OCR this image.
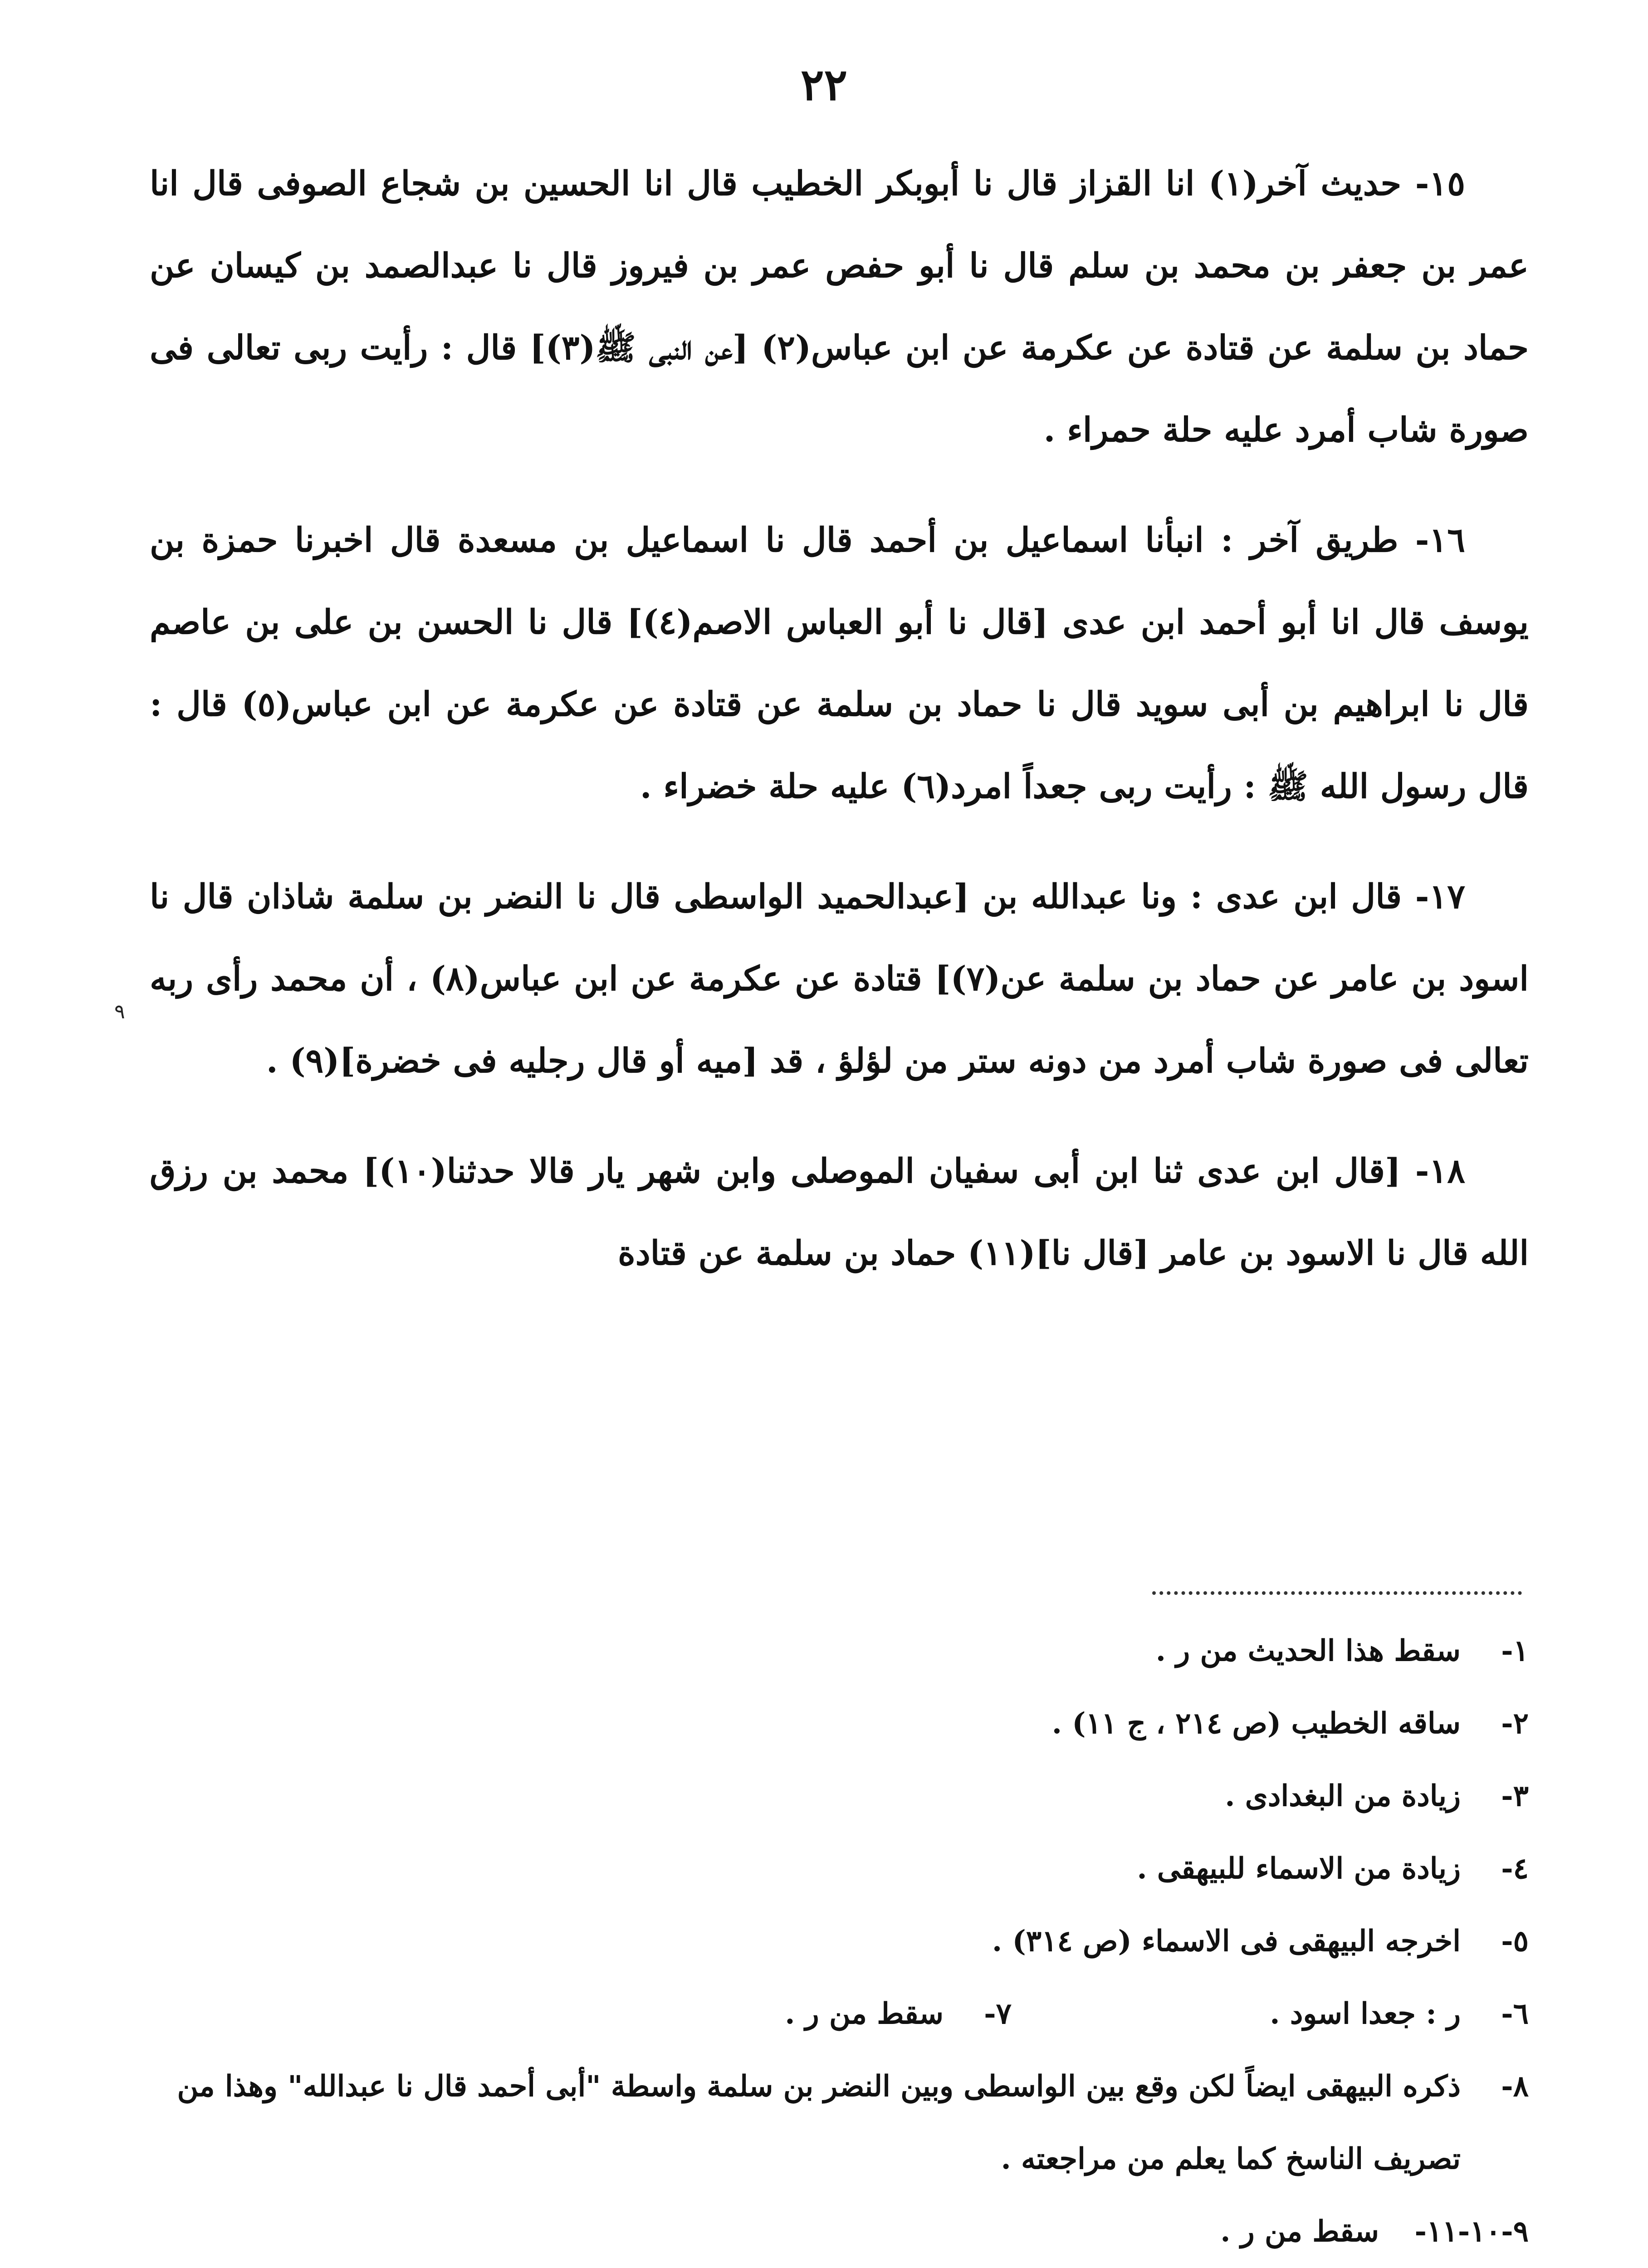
٢٢
٩

١٥- حديث آخر(١) انا القزاز قال نا أبوبكر الخطيب قال انا الحسين بن شجاع الصوفى قال انا عمر بن جعفر بن محمد بن سلم قال نا أبو حفص عمر بن فيروز قال نا عبدالصمد بن كيسان عن حماد بن سلمة عن قتادة عن عكرمة عن ابن عباس(٢) [عن النبى ﷺ(٣)] قال : رأيت ربى تعالى فى صورة شاب أمرد عليه حلة حمراء .

١٦- طريق آخر : انبأنا اسماعيل بن أحمد قال نا اسماعيل بن مسعدة قال اخبرنا حمزة بن يوسف قال انا أبو أحمد ابن عدى [قال نا أبو العباس الاصم(٤)] قال نا الحسن بن على بن عاصم قال نا ابراهيم بن أبى سويد قال نا حماد بن سلمة عن قتادة عن عكرمة عن ابن عباس(٥) قال : قال رسول الله ﷺ : رأيت ربى جعداً امرد(٦) عليه حلة خضراء .

١٧- قال ابن عدى : ونا عبدالله بن [عبدالحميد الواسطى قال نا النضر بن سلمة شاذان قال نا اسود بن عامر عن حماد بن سلمة عن(٧)] قتادة عن عكرمة عن ابن عباس(٨) ، أن محمد رأى ربه تعالى فى صورة شاب أمرد من دونه ستر من لؤلؤ ، قد [ميه أو قال رجليه فى خضرة](٩) .

١٨- [قال ابن عدى ثنا ابن أبى سفيان الموصلى وابن شهر يار قالا حدثنا(١٠)] محمد بن رزق الله قال نا الاسود بن عامر [قال نا](١١) حماد بن سلمة عن قتادة

١-
سقط هذا الحديث من ر .
٢-
ساقه الخطيب (ص ٢١٤ ، ج ١١) .
٣-
زيادة من البغدادى .
٤-
زيادة من الاسماء للبيهقى .
٥-
اخرجه البيهقى فى الاسماء (ص ٣١٤) .
٦-
ر : جعدا اسود .
٧-
سقط من ر .
٨-
ذكره البيهقى ايضاً لكن وقع بين الواسطى وبين النضر بن سلمة واسطة "أبى أحمد قال نا عبدالله" وهذا من تصريف الناسخ كما يعلم من مراجعته .
٩-١٠-١١-
سقط من ر .
